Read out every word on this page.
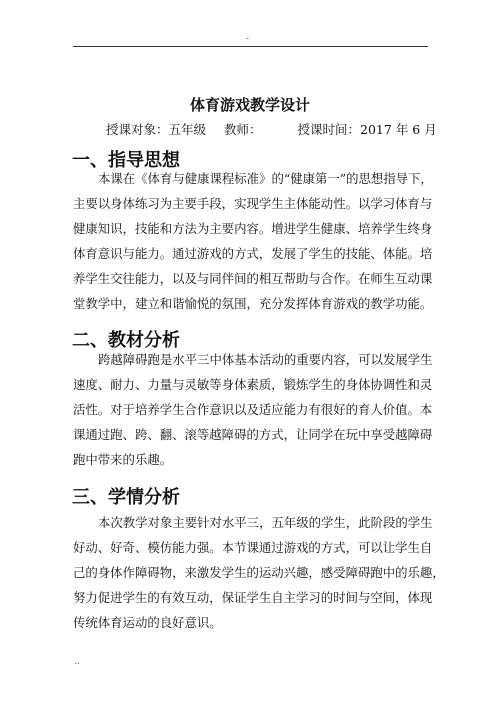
-
体育游戏教学设计
授课对象：五年级 教师：	授课时间：2017 年 6 月
一、指导思想
本课在《体育与健康课程标准》的“健康第一”的思想指导下，
主要以身体练习为主要手段，实现学生主体能动性。以学习体育与
健康知识，技能和方法为主要内容。增进学生健康、培养学生终身
体育意识与能力。通过游戏的方式，发展了学生的技能、体能。培
养学生交往能力，以及与同伴间的相互帮助与合作。在师生互动课
堂教学中，建立和谐愉悦的氛围，充分发挥体育游戏的教学功能。
二、教材分析
跨越障碍跑是水平三中体基本活动的重要内容，可以发展学生
速度、耐力、力量与灵敏等身体素质，锻炼学生的身体协调性和灵
活性。对于培养学生合作意识以及适应能力有很好的育人价值。本
课通过跑、跨、翻、滚等越障碍的方式，让同学在玩中享受越障碍
跑中带来的乐趣。
三、学情分析
本次教学对象主要针对水平三，五年级的学生，此阶段的学生
好动、好奇、模仿能力强。本节课通过游戏的方式，可以让学生自
己的身体作障碍物，来激发学生的运动兴趣，感受障碍跑中的乐趣，
努力促进学生的有效互动，保证学生自主学习的时间与空间，体现
传统体育运动的良好意识。
..
